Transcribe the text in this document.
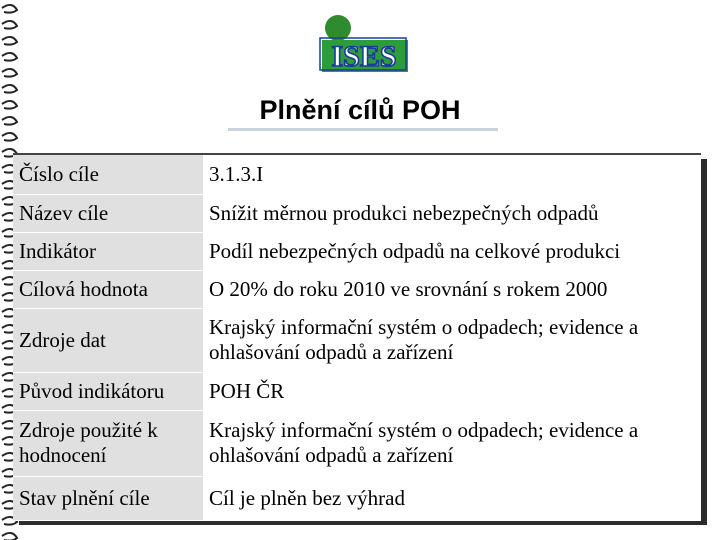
ISES
Plnění cílů POH
Číslo cíle	3.1.3.I
Název cíle	Snížit měrnou produkci nebezpečných odpadů
Indikátor	Podíl nebezpečných odpadů na celkové produkci
Cílová hodnota	O 20% do roku 2010 ve srovnání s rokem 2000
Zdroje dat	Krajský informační systém o odpadech; evidence a ohlašování odpadů a zařízení
Původ indikátoru	POH ČR
Zdroje použité k hodnocení	Krajský informační systém o odpadech; evidence a ohlašování odpadů a zařízení
Stav plnění cíle	Cíl je plněn bez výhrad
